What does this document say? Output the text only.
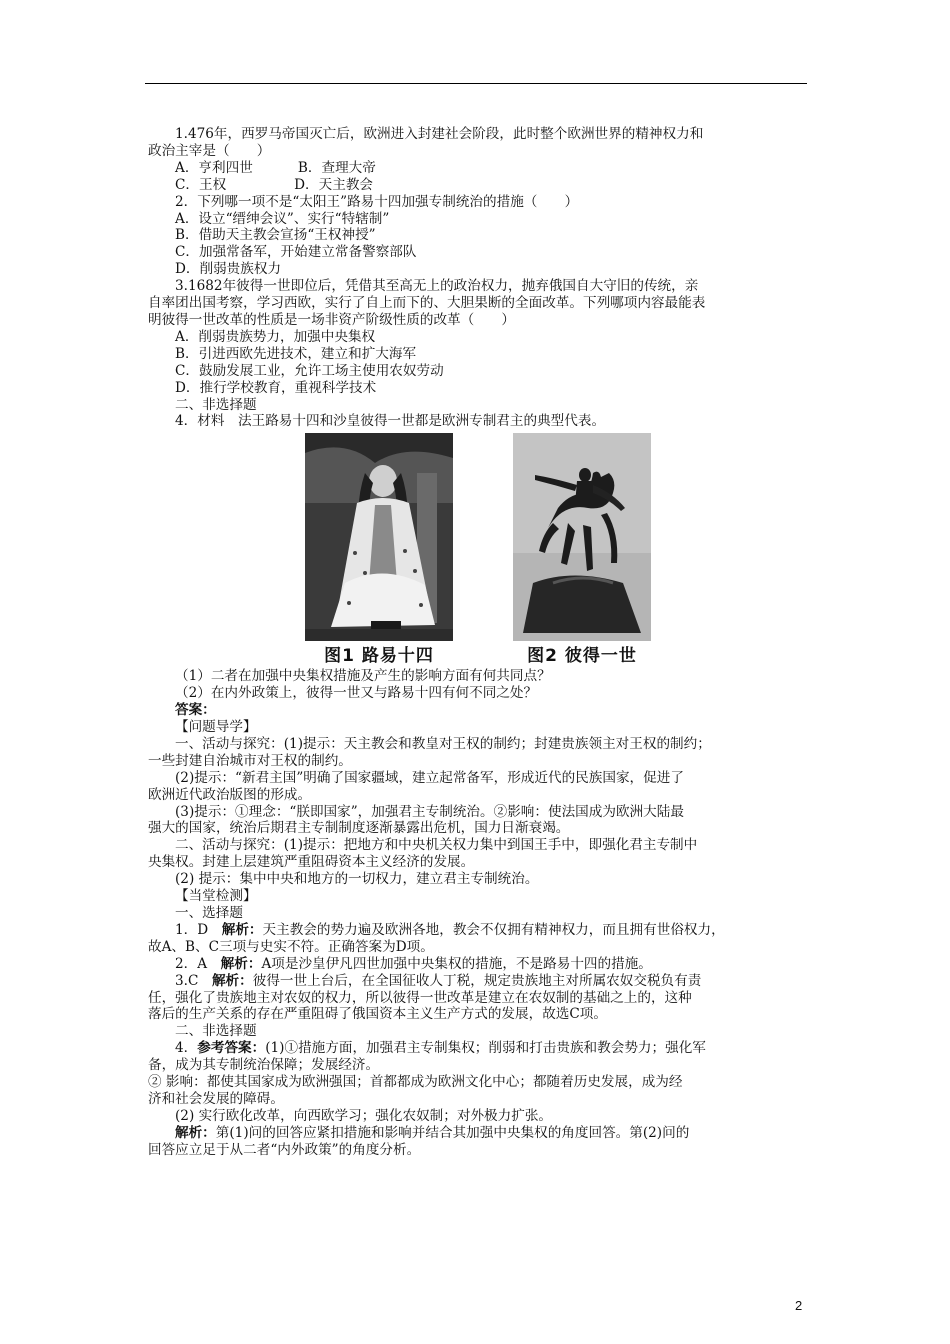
1.476年，西罗马帝国灭亡后，欧洲进入封建社会阶段，此时整个欧洲世界的精神权力和
政治主宰是（　　）
A．亨利四世　　　 B．查理大帝
C．王权　　　　　D．天主教会
2．下列哪一项不是“太阳王”路易十四加强专制统治的措施（　　）
A．设立“缙绅会议”、实行“特辖制”
B．借助天主教会宣扬“王权神授”
C．加强常备军，开始建立常备警察部队
D．削弱贵族权力
3.1682年彼得一世即位后，凭借其至高无上的政治权力，抛弃俄国自大守旧的传统，亲
自率团出国考察，学习西欧，实行了自上而下的、大胆果断的全面改革。下列哪项内容最能表
明彼得一世改革的性质是一场非资产阶级性质的改革（　　）
A．削弱贵族势力，加强中央集权
B．引进西欧先进技术，建立和扩大海军
C．鼓励发展工业，允许工场主使用农奴劳动
D．推行学校教育，重视科学技术
二、非选择题
4．材料　法王路易十四和沙皇彼得一世都是欧洲专制君主的典型代表。
图1 路易十四	图2 彼得一世
（1）二者在加强中央集权措施及产生的影响方面有何共同点？
（2）在内外政策上，彼得一世又与路易十四有何不同之处？
答案：
【问题导学】
一、活动与探究：(1)提示：天主教会和教皇对王权的制约；封建贵族领主对王权的制约；
一些封建自治城市对王权的制约。
(2)提示：“新君主国”明确了国家疆域，建立起常备军，形成近代的民族国家，促进了
欧洲近代政治版图的形成。
(3)提示：①理念：“朕即国家”，加强君主专制统治。②影响：使法国成为欧洲大陆最
强大的国家，统治后期君主专制制度逐渐暴露出危机，国力日渐衰竭。
二、活动与探究：(1)提示：把地方和中央机关权力集中到国王手中，即强化君主专制中
央集权。封建上层建筑严重阻碍资本主义经济的发展。
(2) 提示：集中中央和地方的一切权力，建立君主专制统治。
【当堂检测】
一、选择题
1．D　解析：天主教会的势力遍及欧洲各地，教会不仅拥有精神权力，而且拥有世俗权力，
故A、B、C三项与史实不符。正确答案为D项。
2．A　解析：A项是沙皇伊凡四世加强中央集权的措施，不是路易十四的措施。
3.C　解析：彼得一世上台后，在全国征收人丁税，规定贵族地主对所属农奴交税负有责
任，强化了贵族地主对农奴的权力，所以彼得一世改革是建立在农奴制的基础之上的，这种
落后的生产关系的存在严重阻碍了俄国资本主义生产方式的发展，故选C项。
二、非选择题
4．参考答案：(1)①措施方面，加强君主专制集权；削弱和打击贵族和教会势力；强化军
备，成为其专制统治保障；发展经济。
② 影响：都使其国家成为欧洲强国；首都都成为欧洲文化中心；都随着历史发展，成为经
济和社会发展的障碍。
(2) 实行欧化改革，向西欧学习；强化农奴制；对外极力扩张。
解析：第(1)问的回答应紧扣措施和影响并结合其加强中央集权的角度回答。第(2)问的
回答应立足于从二者“内外政策”的角度分析。
2
